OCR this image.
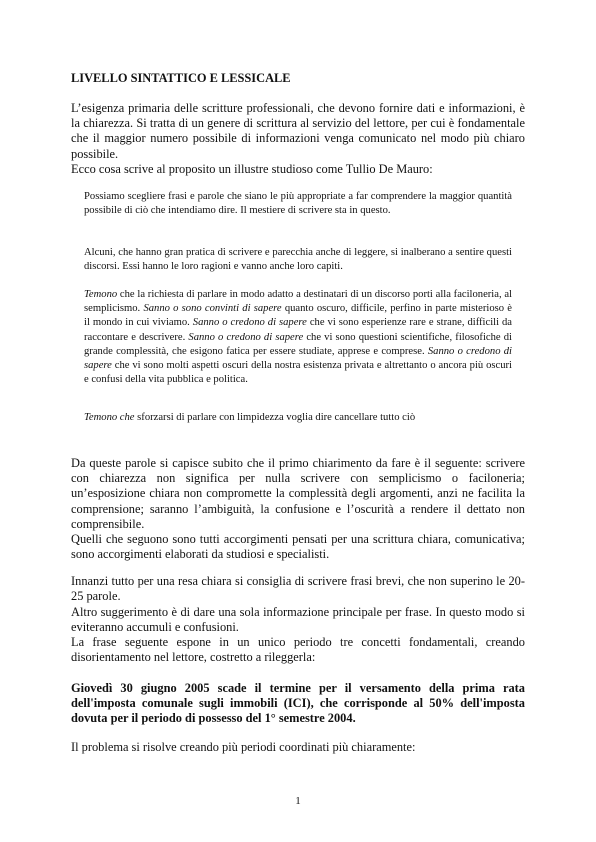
LIVELLO SINTATTICO E LESSICALE

L’esigenza primaria delle scritture professionali, che devono fornire dati e informazioni, è la chiarezza. Si tratta di un genere di scrittura al servizio del lettore, per cui è fondamentale che il maggior numero possibile di informazioni venga comunicato nel modo più chiaro possibile.

Ecco cosa scrive al proposito un illustre studioso come Tullio De Mauro:

Possiamo scegliere frasi e parole che siano le più appropriate a far comprendere la maggior quantità possibile di ciò che intendiamo dire. Il mestiere di scrivere sta in questo.

Alcuni, che hanno gran pratica di scrivere e parecchia anche di leggere, si inalberano a sentire questi discorsi. Essi hanno le loro ragioni e vanno anche loro capiti.

Temono che la richiesta di parlare in modo adatto a destinatari di un discorso porti alla faciloneria, al semplicismo. Sanno o sono convinti di sapere quanto oscuro, difficile, perfino in parte misterioso è il mondo in cui viviamo. Sanno o credono di sapere che vi sono esperienze rare e strane, difficili da raccontare e descrivere. Sanno o credono di sapere che vi sono questioni scientifiche, filosofiche di grande complessità, che esigono fatica per essere studiate, apprese e comprese. Sanno o credono di sapere che vi sono molti aspetti oscuri della nostra esistenza privata e altrettanto o ancora più oscuri e confusi della vita pubblica e politica.

Temono che sforzarsi di parlare con limpidezza voglia dire cancellare tutto ciò

Da queste parole si capisce subito che il primo chiarimento da fare è il seguente: scrivere con chiarezza non significa per nulla scrivere con semplicismo o faciloneria; un’esposizione chiara non compromette la complessità degli argomenti, anzi ne facilita la comprensione; saranno l’ambiguità, la confusione e l’oscurità a rendere il dettato non comprensibile.

Quelli che seguono sono tutti accorgimenti pensati per una scrittura chiara, comunicativa; sono accorgimenti elaborati da studiosi e specialisti.

Innanzi tutto per una resa chiara si consiglia di scrivere frasi brevi, che non superino le 20-25 parole.

Altro suggerimento è di dare una sola informazione principale per frase. In questo modo si eviteranno accumuli e confusioni.

La frase seguente espone in un unico periodo tre concetti fondamentali, creando disorientamento nel lettore, costretto a rileggerla:

Giovedì 30 giugno 2005 scade il termine per il versamento della prima rata dell'imposta comunale sugli immobili (ICI), che corrisponde al 50% dell'imposta dovuta per il periodo di possesso del 1° semestre 2004.

Il problema si risolve creando più periodi coordinati più chiaramente:

1
